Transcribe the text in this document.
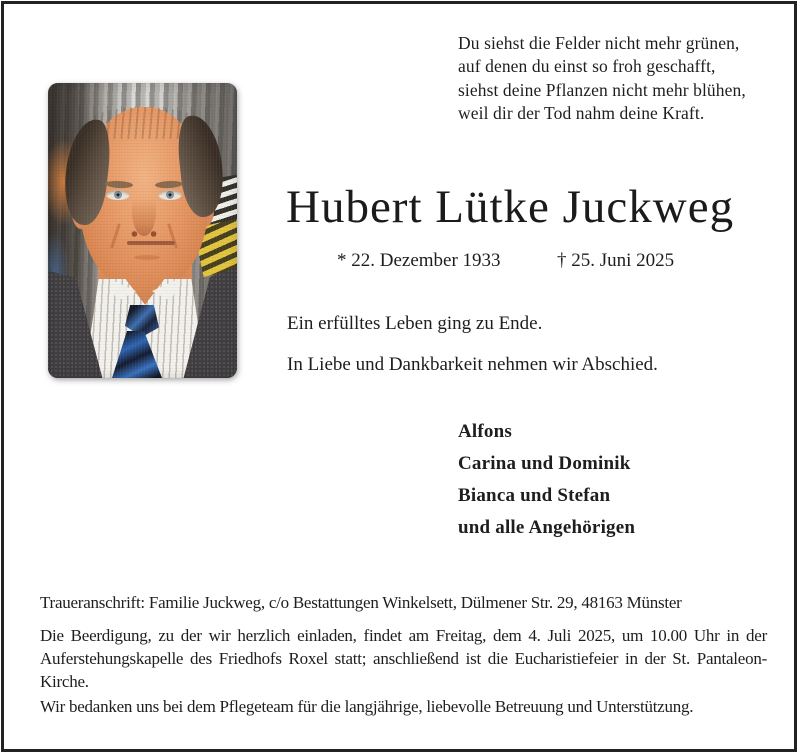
Du siehst die Felder nicht mehr grünen,
auf denen du einst so froh geschafft,
siehst deine Pflanzen nicht mehr blühen,
weil dir der Tod nahm deine Kraft.
Hubert Lütke Juckweg
* 22. Dezember 1933	† 25. Juni 2025
Ein erfülltes Leben ging zu Ende.
In Liebe und Dankbarkeit nehmen wir Abschied.
Alfons
Carina und Dominik
Bianca und Stefan
und alle Angehörigen
Traueranschrift: Familie Juckweg, c/o Bestattungen Winkelsett, Dülmener Str. 29, 48163 Münster
Die Beerdigung, zu der wir herzlich einladen, findet am Freitag, dem 4. Juli 2025, um 10.00 Uhr in der Auferstehungskapelle des Friedhofs Roxel statt; anschließend ist die Eucharistiefeier in der St. Pantaleon-Kirche.
Wir bedanken uns bei dem Pflegeteam für die langjährige, liebevolle Betreuung und Unterstützung.
